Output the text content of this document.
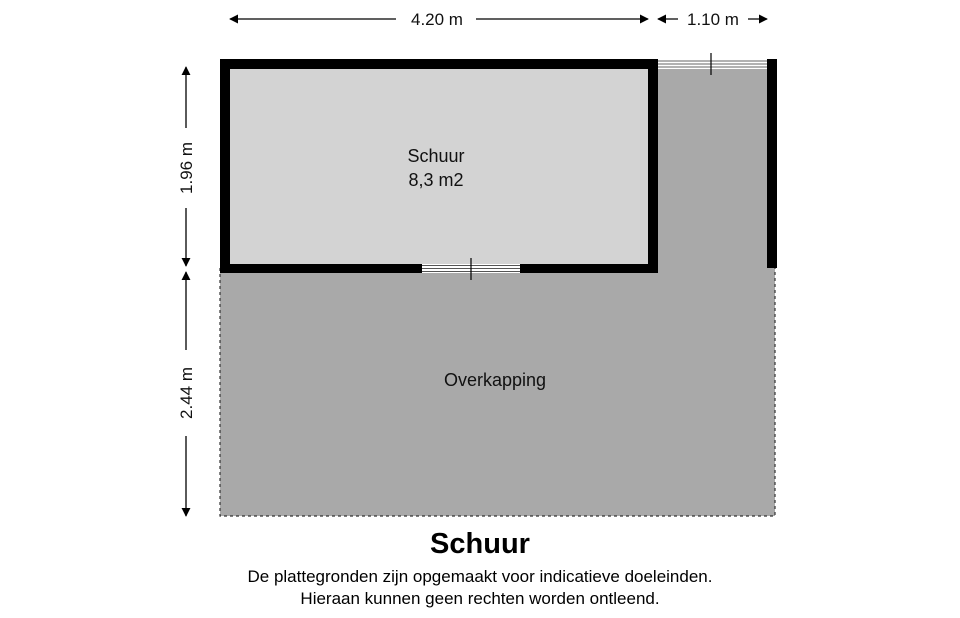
4.20 m	1.10 m
1.96 m
2.44 m
Schuur
8,3 m2
Overkapping
Schuur
De plattegronden zijn opgemaakt voor indicatieve doeleinden.
Hieraan kunnen geen rechten worden ontleend.
